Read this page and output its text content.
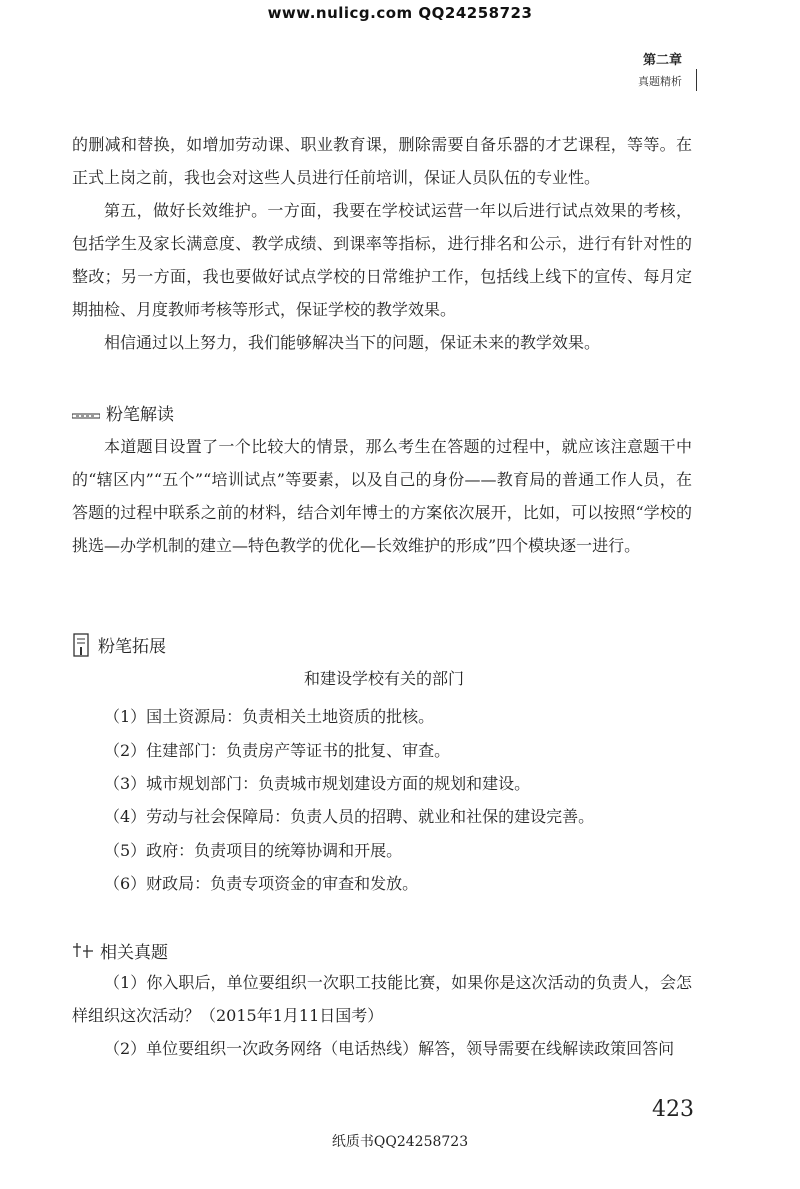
www.nulicg.com QQ24258723
第二章
真题精析
的删减和替换，如增加劳动课、职业教育课，删除需要自备乐器的才艺课程，等等。在正式上岗之前，我也会对这些人员进行任前培训，保证人员队伍的专业性。
第五，做好长效维护。一方面，我要在学校试运营一年以后进行试点效果的考核，包括学生及家长满意度、教学成绩、到课率等指标，进行排名和公示，进行有针对性的整改；另一方面，我也要做好试点学校的日常维护工作，包括线上线下的宣传、每月定期抽检、月度教师考核等形式，保证学校的教学效果。
相信通过以上努力，我们能够解决当下的问题，保证未来的教学效果。
粉笔解读
本道题目设置了一个比较大的情景，那么考生在答题的过程中，就应该注意题干中的“辖区内”“五个”“培训试点”等要素，以及自己的身份——教育局的普通工作人员，在答题的过程中联系之前的材料，结合刘年博士的方案依次展开，比如，可以按照“学校的挑选—办学机制的建立—特色教学的优化—长效维护的形成”四个模块逐一进行。
粉笔拓展
和建设学校有关的部门
（1）国土资源局：负责相关土地资质的批核。
（2）住建部门：负责房产等证书的批复、审查。
（3）城市规划部门：负责城市规划建设方面的规划和建设。
（4）劳动与社会保障局：负责人员的招聘、就业和社保的建设完善。
（5）政府：负责项目的统筹协调和开展。
（6）财政局：负责专项资金的审查和发放。
相关真题
（1）你入职后，单位要组织一次职工技能比赛，如果你是这次活动的负责人，会怎样组织这次活动？（2015年1月11日国考）
（2）单位要组织一次政务网络（电话热线）解答，领导需要在线解读政策回答问
423
纸质书QQ24258723
